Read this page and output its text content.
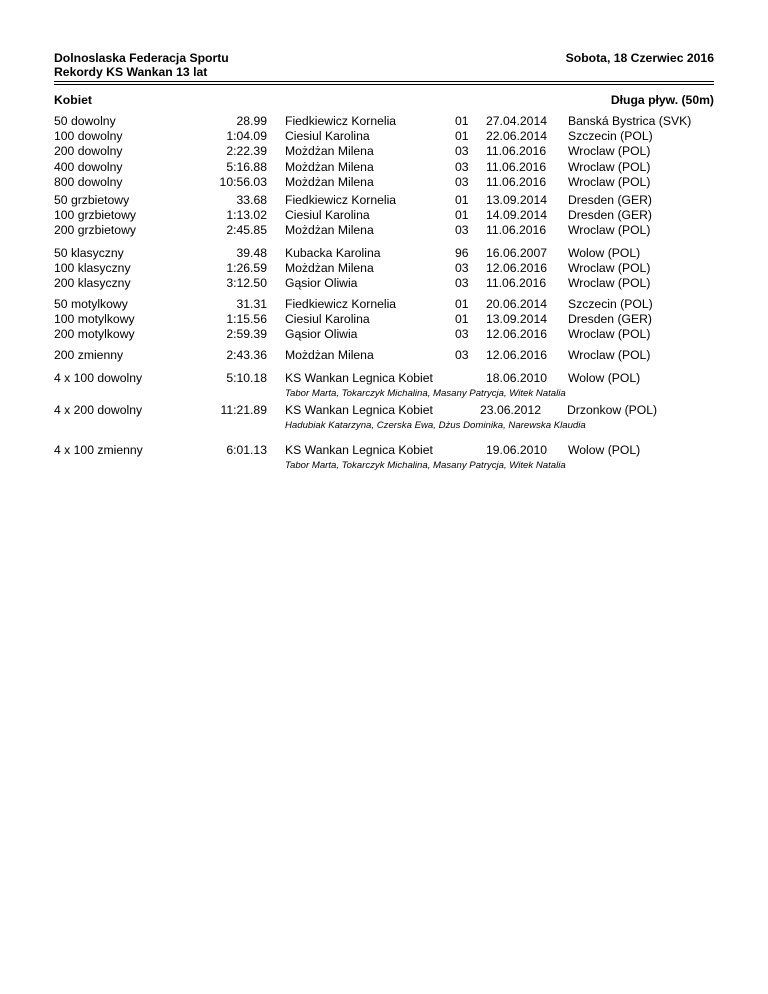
Dolnoslaska Federacja Sportu
Rekordy KS Wankan 13 lat
Sobota, 18 Czerwiec 2016
Kobiet	Długa pływ. (50m)
50 dowolny	28.99 Fiedkiewicz Kornelia	01 27.04.2014 Banská Bystrica (SVK)
100 dowolny	1:04.09 Ciesiul Karolina	01 22.06.2014 Szczecin (POL)
200 dowolny	2:22.39 Możdżan Milena	03 11.06.2016 Wroclaw (POL)
400 dowolny	5:16.88 Możdżan Milena	03 11.06.2016 Wroclaw (POL)
800 dowolny	10:56.03 Możdżan Milena	03 11.06.2016 Wroclaw (POL)
50 grzbietowy	33.68 Fiedkiewicz Kornelia	01 13.09.2014 Dresden (GER)
100 grzbietowy	1:13.02 Ciesiul Karolina	01 14.09.2014 Dresden (GER)
200 grzbietowy	2:45.85 Możdżan Milena	03 11.06.2016 Wroclaw (POL)
50 klasyczny	39.48 Kubacka Karolina	96 16.06.2007 Wolow (POL)
100 klasyczny	1:26.59 Możdżan Milena	03 12.06.2016 Wroclaw (POL)
200 klasyczny	3:12.50 Gąsior Oliwia	03 11.06.2016 Wroclaw (POL)
50 motylkowy	31.31 Fiedkiewicz Kornelia	01 20.06.2014 Szczecin (POL)
100 motylkowy	1:15.56 Ciesiul Karolina	01 13.09.2014 Dresden (GER)
200 motylkowy	2:59.39 Gąsior Oliwia	03 12.06.2016 Wroclaw (POL)
200 zmienny	2:43.36 Możdżan Milena	03 12.06.2016 Wroclaw (POL)
4 x 100 dowolny	5:10.18 KS Wankan Legnica Kobiet	18.06.2010 Wolow (POL)
Tabor Marta, Tokarczyk Michalina, Masany Patrycja, Witek Natalia
4 x 200 dowolny	11:21.89 KS Wankan Legnica Kobiet	23.06.2012 Drzonkow (POL)
Hadubiak Katarzyna, Czerska Ewa, Dżus Dominika, Narewska Klaudia
4 x 100 zmienny	6:01.13 KS Wankan Legnica Kobiet	19.06.2010 Wolow (POL)
Tabor Marta, Tokarczyk Michalina, Masany Patrycja, Witek Natalia
